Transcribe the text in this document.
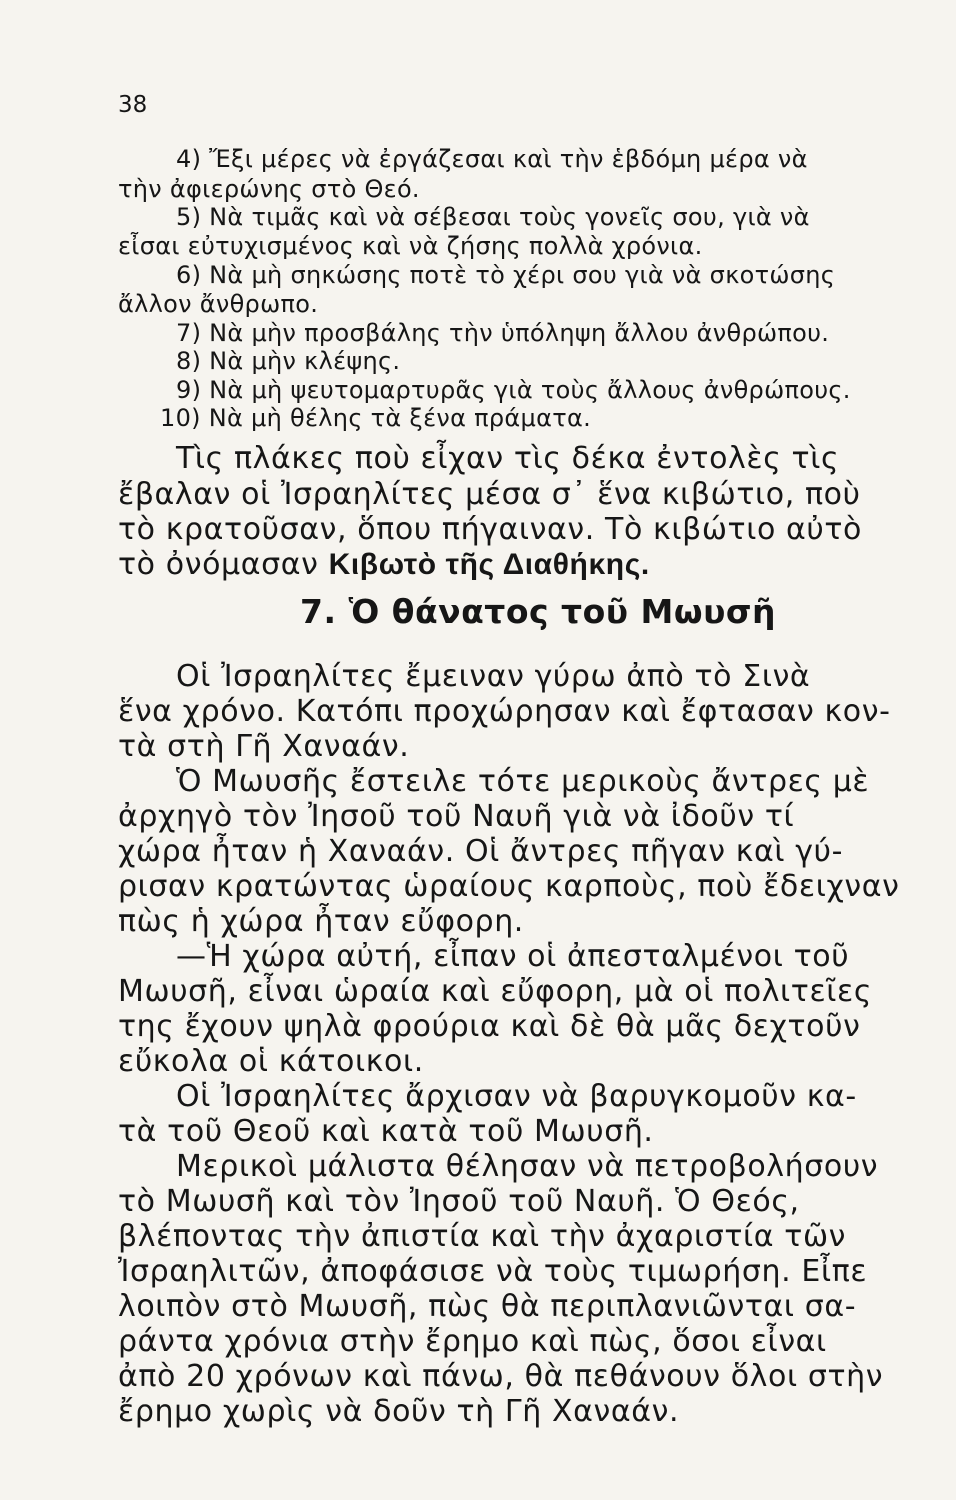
38

4) Ἔξι μέρες νὰ ἐργάζεσαι καὶ τὴν ἑβδόμη μέρα νὰ

τὴν ἀφιερώνης στὸ Θεό.

5) Νὰ τιμᾶς καὶ νὰ σέβεσαι τοὺς γονεῖς σου, γιὰ νὰ

εἶσαι εὐτυχισμένος καὶ νὰ ζήσης πολλὰ χρόνια.

6) Νὰ μὴ σηκώσης ποτὲ τὸ χέρι σου γιὰ νὰ σκοτώσης

ἄλλον ἄνθρωπο.

7) Νὰ μὴν προσβάλης τὴν ὑπόληψη ἄλλου ἀνθρώπου.

8) Νὰ μὴν κλέψης.

9) Νὰ μὴ ψευτομαρτυρᾶς γιὰ τοὺς ἄλλους ἀνθρώπους.

10) Νὰ μὴ θέλης τὰ ξένα πράματα.

Τὶς πλάκες ποὺ εἶχαν τὶς δέκα ἐντολὲς τὶς

ἔβαλαν οἱ Ἰσραηλίτες μέσα σ᾽ ἕνα κιβώτιο, ποὺ

τὸ κρατοῦσαν, ὅπου πήγαιναν. Τὸ κιβώτιο αὐτὸ

τὸ ὀνόμασαν Κιβωτὸ τῆς Διαθήκης.

7. Ὁ θάνατος τοῦ Μωυσῆ

Οἱ Ἰσραηλίτες ἔμειναν γύρω ἀπὸ τὸ Σινὰ

ἕνα χρόνο. Κατόπι προχώρησαν καὶ ἔφτασαν κον-

τὰ στὴ Γῆ Χαναάν.

Ὁ Μωυσῆς ἔστειλε τότε μερικοὺς ἄντρες μὲ

ἀρχηγὸ τὸν Ἰησοῦ τοῦ Ναυῆ γιὰ νὰ ἰδοῦν τί

χώρα ἦταν ἡ Χαναάν. Οἱ ἄντρες πῆγαν καὶ γύ-

ρισαν κρατώντας ὡραίους καρποὺς, ποὺ ἔδειχναν

πὼς ἡ χώρα ἦταν εὔφορη.

—Ἡ χώρα αὐτή, εἶπαν οἱ ἀπεσταλμένοι τοῦ

Μωυσῆ, εἶναι ὡραία καὶ εὔφορη, μὰ οἱ πολιτεῖες

της ἔχουν ψηλὰ φρούρια καὶ δὲ θὰ μᾶς δεχτοῦν

εὔκολα οἱ κάτοικοι.

Οἱ Ἰσραηλίτες ἄρχισαν νὰ βαρυγκομοῦν κα-

τὰ τοῦ Θεοῦ καὶ κατὰ τοῦ Μωυσῆ.

Μερικοὶ μάλιστα θέλησαν νὰ πετροβολήσουν

τὸ Μωυσῆ καὶ τὸν Ἰησοῦ τοῦ Ναυῆ. Ὁ Θεός,

βλέποντας τὴν ἀπιστία καὶ τὴν ἀχαριστία τῶν

Ἰσραηλιτῶν, ἀποφάσισε νὰ τοὺς τιμωρήση. Εἶπε

λοιπὸν στὸ Μωυσῆ, πὼς θὰ περιπλανιῶνται σα-

ράντα χρόνια στὴν ἔρημο καὶ πὼς, ὅσοι εἶναι

ἀπὸ 20 χρόνων καὶ πάνω, θὰ πεθάνουν ὅλοι στὴν

ἔρημο χωρὶς νὰ δοῦν τὴ Γῆ Χαναάν.
